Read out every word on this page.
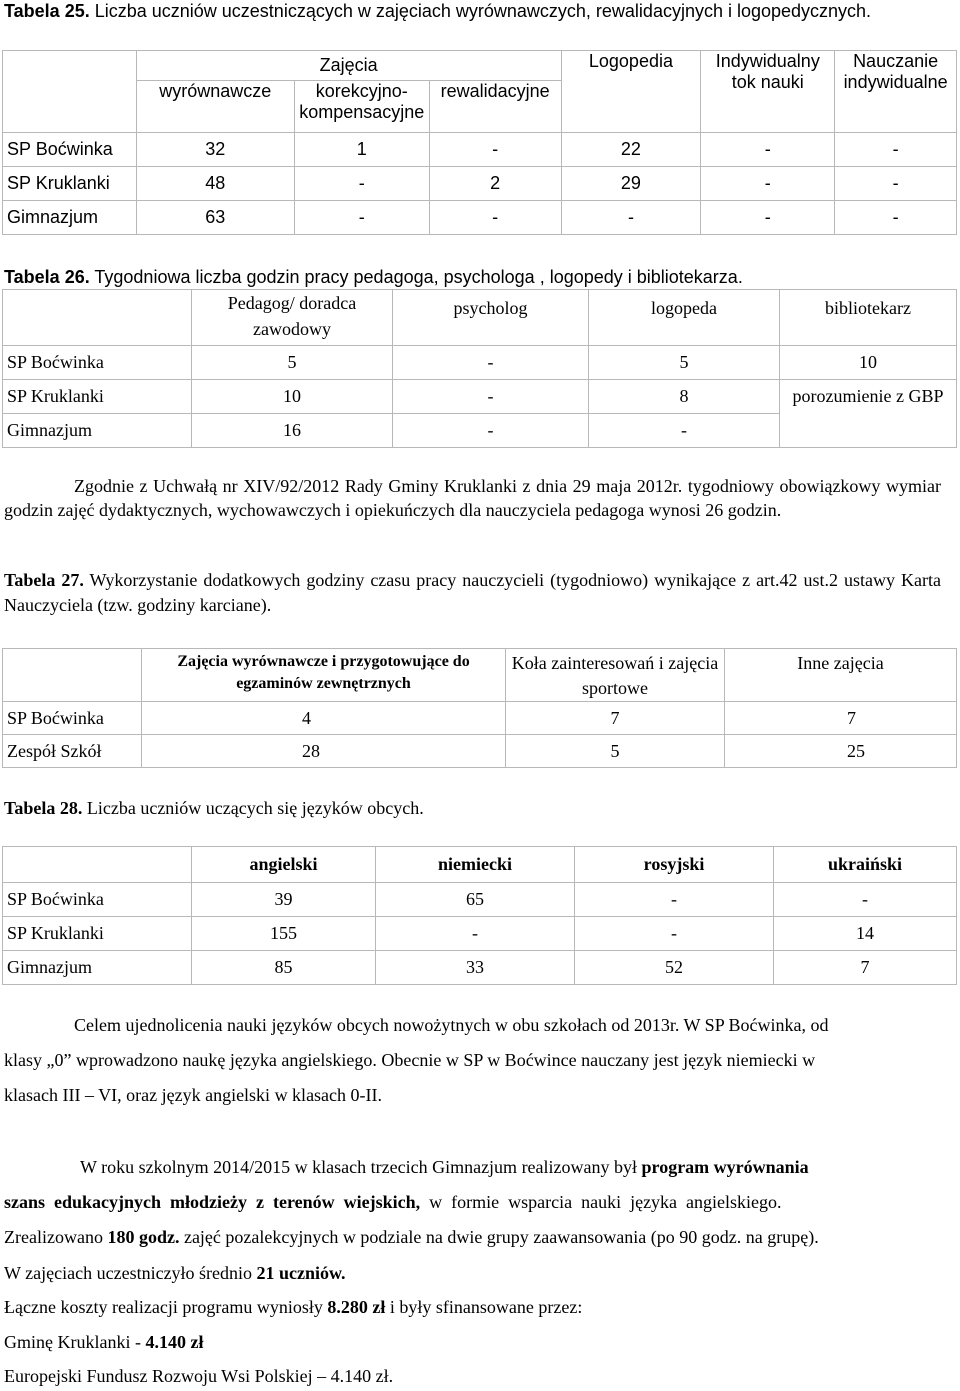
Tabela 25. Liczba uczniów uczestniczących w zajęciach wyrównawczych, rewalidacyjnych i logopedycznych.
	Zajęcia			Logopedia	Indywidualny tok nauki	Nauczanie indywidualne
	wyrównawcze	korekcyjno-kompensacyjne	rewalidacyjne			
SP Boćwinka	32	1	-	22	-	-
SP Kruklanki	48	-	2	29	-	-
Gimnazjum	63	-	-	-	-	-
Tabela 26. Tygodniowa liczba godzin pracy pedagoga, psychologa , logopedy i bibliotekarza.
	Pedagog/ doradca zawodowy	psycholog	logopeda	bibliotekarz
SP Boćwinka	5	-	5	10
SP Kruklanki	10	-	8	porozumienie z GBP
Gimnazjum	16	-	-	
Zgodnie z Uchwałą nr XIV/92/2012 Rady Gminy Kruklanki z dnia 29 maja 2012r. tygodniowy obowiązkowy wymiar godzin zajęć dydaktycznych, wychowawczych i opiekuńczych dla nauczyciela pedagoga wynosi 26 godzin.
Tabela 27. Wykorzystanie dodatkowych godziny czasu pracy nauczycieli (tygodniowo) wynikające z art.42 ust.2 ustawy Karta Nauczyciela (tzw. godziny karciane).
	Zajęcia wyrównawcze i przygotowujące do egzaminów zewnętrznych	Koła zainteresowań i zajęcia sportowe	Inne zajęcia
SP Boćwinka	4	7	7
Zespół Szkół	28	5	25
Tabela 28. Liczba uczniów uczących się języków obcych.
	angielski	niemiecki	rosyjski	ukraiński
SP Boćwinka	39	65	-	-
SP Kruklanki	155	-	-	14
Gimnazjum	85	33	52	7
Celem ujednolicenia nauki języków obcych nowożytnych w obu szkołach od 2013r. W SP Boćwinka, od
klasy „0” wprowadzono naukę języka angielskiego. Obecnie w SP w Boćwince nauczany jest język niemiecki w
klasach III – VI, oraz język angielski w klasach 0-II.
W roku szkolnym 2014/2015 w klasach trzecich Gimnazjum realizowany był program wyrównania
szans edukacyjnych młodzieży z terenów wiejskich, w formie wsparcia nauki języka angielskiego.
Zrealizowano 180 godz. zajęć pozalekcyjnych w podziale na dwie grupy zaawansowania (po 90 godz. na grupę).
W zajęciach uczestniczyło średnio 21 uczniów.
Łączne koszty realizacji programu wyniosły 8.280 zł i były sfinansowane przez:
Gminę Kruklanki - 4.140 zł
Europejski Fundusz Rozwoju Wsi Polskiej – 4.140 zł.
